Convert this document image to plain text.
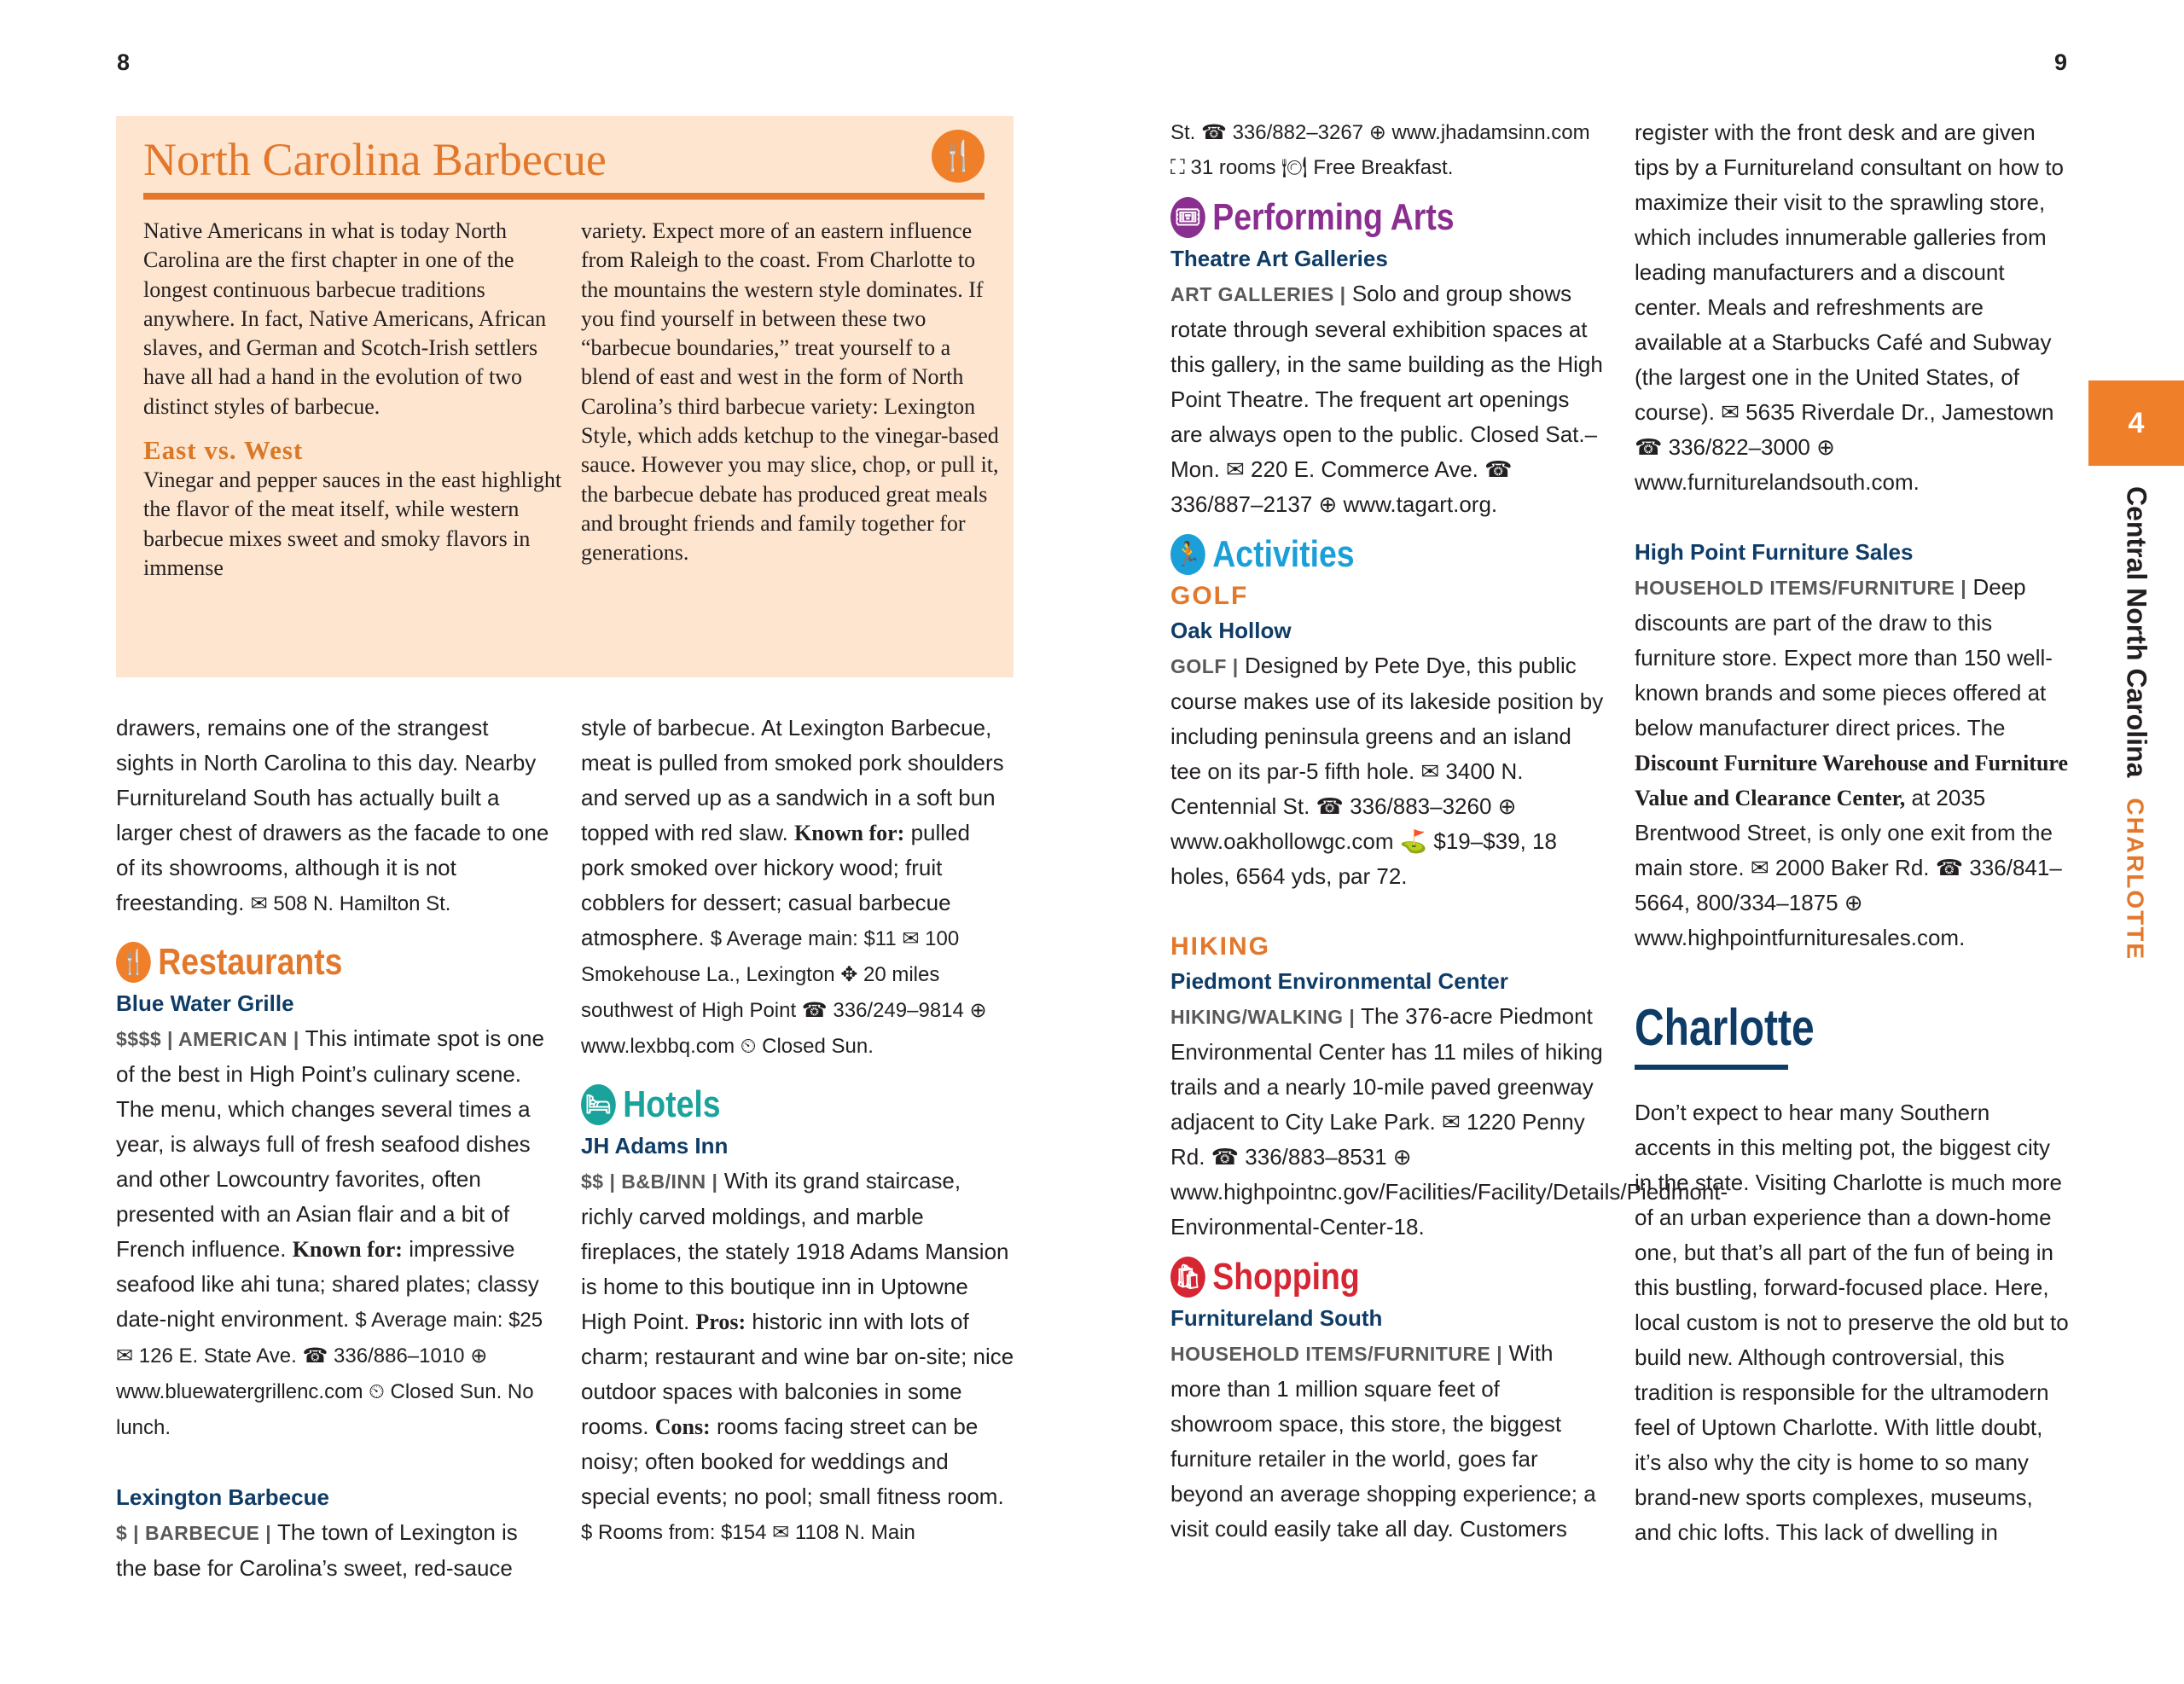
8	9
North Carolina Barbecue	🍴

Native Americans in what is today North Carolina are the first chapter in one of the longest continuous barbecue traditions anywhere. In fact, Native Americans, African slaves, and German and Scotch-Irish settlers have all had a hand in the evolution of two distinct styles of barbecue.

East vs. West

Vinegar and pepper sauces in the east highlight the flavor of the meat itself, while western barbecue mixes sweet and smoky flavors in immense

variety. Expect more of an eastern influence from Raleigh to the coast. From Charlotte to the mountains the western style dominates. If you find yourself in between these two “barbecue boundaries,” treat yourself to a blend of east and west in the form of North Carolina’s third barbecue variety: Lexington Style, which adds ketchup to the vinegar-based sauce. However you may slice, chop, or pull it, the barbecue debate has produced great meals and brought friends and family together for generations.

drawers, remains one of the strangest sights in North Carolina to this day. Nearby Furnitureland South has actually built a larger chest of drawers as the facade to one of its showrooms, although it is not freestanding. ✉ 508 N. Hamilton St.

🍴 Restaurants
Blue Water Grille

$$$$ | AMERICAN | This intimate spot is one of the best in High Point’s culinary scene. The menu, which changes several times a year, is always full of fresh seafood dishes and other Lowcountry favorites, often presented with an Asian flair and a bit of French influence. Known for: impressive seafood like ahi tuna; shared plates; classy date-night environment. $ Average main: $25 ✉ 126 E. State Ave. ☎ 336/886–1010 ⊕ www.bluewatergrillenc.com ⏲ Closed Sun. No lunch.

Lexington Barbecue

$ | BARBECUE | The town of Lexington is the base for Carolina’s sweet, red-sauce

style of barbecue. At Lexington Barbecue, meat is pulled from smoked pork shoulders and served up as a sandwich in a soft bun topped with red slaw. Known for: pulled pork smoked over hickory wood; fruit cobblers for dessert; casual barbecue atmosphere. $ Average main: $11 ✉ 100 Smokehouse La., Lexington ✥ 20 miles southwest of High Point ☎ 336/249–9814 ⊕ www.lexbbq.com ⏲ Closed Sun.

🛏 Hotels
JH Adams Inn

$$ | B&B/INN | With its grand staircase, richly carved moldings, and marble fireplaces, the stately 1918 Adams Mansion is home to this boutique inn in Uptowne High Point. Pros: historic inn with lots of charm; restaurant and wine bar on-site; nice outdoor spaces with balconies in some rooms. Cons: rooms facing street can be noisy; often booked for weddings and special events; no pool; small fitness room. $ Rooms from: $154 ✉ 1108 N. Main

St. ☎ 336/882–3267 ⊕ www.jhadamsinn.com ⛶ 31 rooms 🍽 Free Breakfast.

🎟 Performing Arts
Theatre Art Galleries

ART GALLERIES | Solo and group shows rotate through several exhibition spaces at this gallery, in the same building as the High Point Theatre. The frequent art openings are always open to the public. Closed Sat.–Mon. ✉ 220 E. Commerce Ave. ☎ 336/887–2137 ⊕ www.tagart.org.

🏃 Activities
GOLF
Oak Hollow

GOLF | Designed by Pete Dye, this public course makes use of its lakeside position by including peninsula greens and an island tee on its par-5 fifth hole. ✉ 3400 N. Centennial St. ☎ 336/883–3260 ⊕ www.oakhollowgc.com ⛳ $19–$39, 18 holes, 6564 yds, par 72.

HIKING
Piedmont Environmental Center

HIKING/WALKING | The 376-acre Piedmont Environmental Center has 11 miles of hiking trails and a nearly 10-mile paved greenway adjacent to City Lake Park. ✉ 1220 Penny Rd. ☎ 336/883–8531 ⊕ www.highpointnc.gov/Facilities/Facility/Details/Piedmont-Environmental-Center-18.

🛍 Shopping
Furnitureland South

HOUSEHOLD ITEMS/FURNITURE | With more than 1 million square feet of showroom space, this store, the biggest furniture retailer in the world, goes far beyond an average shopping experience; a visit could easily take all day. Customers

register with the front desk and are given tips by a Furnitureland consultant on how to maximize their visit to the sprawling store, which includes innumerable galleries from leading manufacturers and a discount center. Meals and refreshments are available at a Starbucks Café and Subway (the largest one in the United States, of course). ✉ 5635 Riverdale Dr., Jamestown ☎ 336/822–3000 ⊕ www.furniturelandsouth.com.

High Point Furniture Sales

HOUSEHOLD ITEMS/FURNITURE | Deep discounts are part of the draw to this furniture store. Expect more than 150 well-known brands and some pieces offered at below manufacturer direct prices. The Discount Furniture Warehouse and Furniture Value and Clearance Center, at 2035 Brentwood Street, is only one exit from the main store. ✉ 2000 Baker Rd. ☎ 336/841–5664, 800/334–1875 ⊕ www.highpointfurnituresales.com.

Charlotte

Don’t expect to hear many Southern accents in this melting pot, the biggest city in the state. Visiting Charlotte is much more of an urban experience than a down-home one, but that’s all part of the fun of being in this bustling, forward-focused place. Here, local custom is not to preserve the old but to build new. Although controversial, this tradition is responsible for the ultramodern feel of Uptown Charlotte. With little doubt, it’s also why the city is home to so many brand-new sports complexes, museums, and chic lofts. This lack of dwelling in

4
Central North CarolinaCHARLOTTE
